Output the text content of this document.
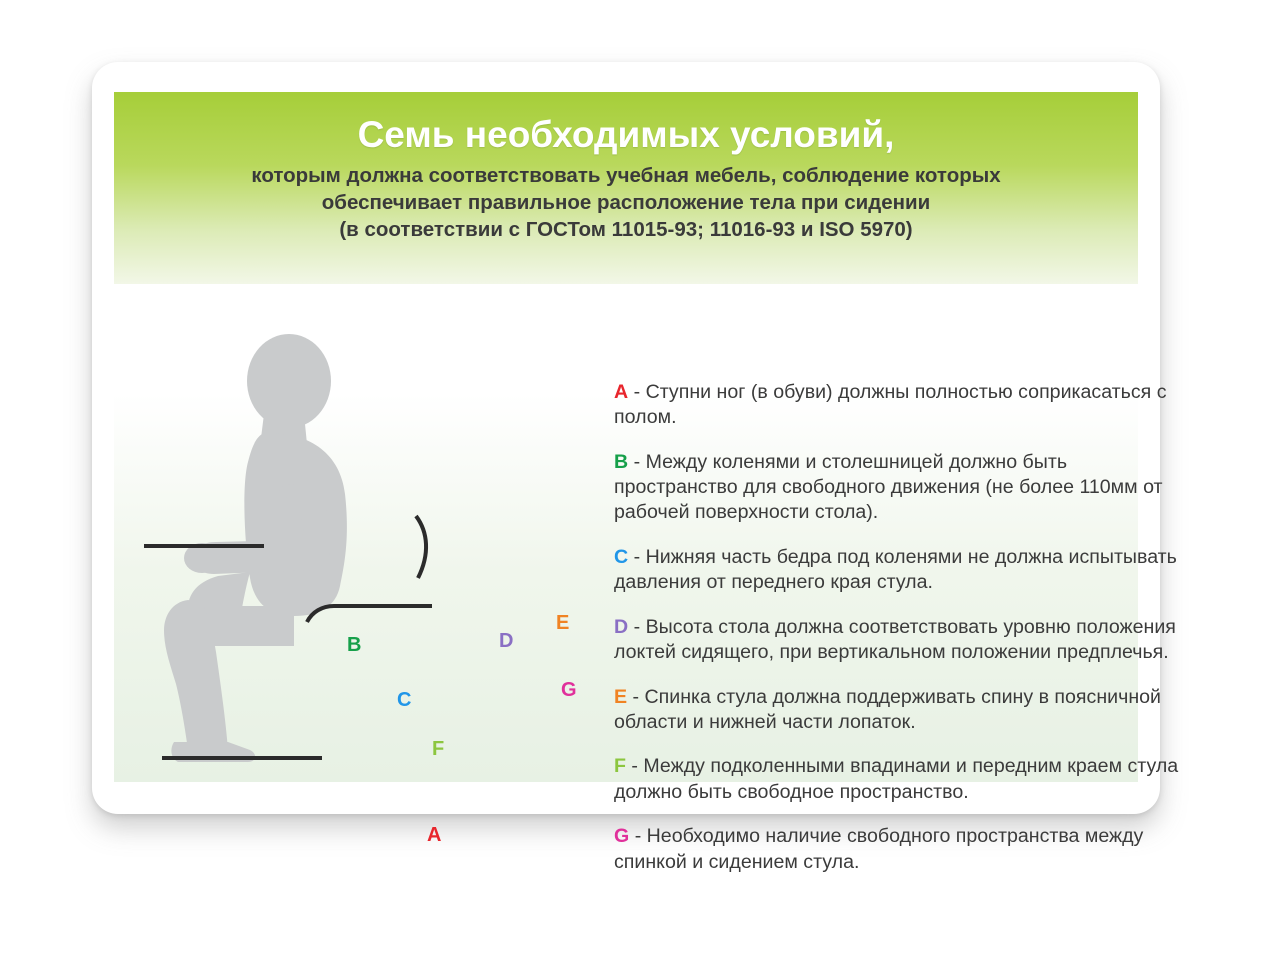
Семь необходимых условий,

которым должна соответствовать учебная мебель, соблюдение которых

обеспечивает правильное расположение тела при сидении

(в соответствии с ГОСТом 11015-93; 11016-93 и ISO 5970)

A
B
C
D
E
F
G

A - Ступни ног (в обуви) должны полностью соприкасаться с полом.

B - Между коленями и столешницей должно быть пространство для свободного движения (не более 110мм от рабочей поверхности стола).

C - Нижняя часть бедра под коленями не должна испытывать давления от переднего края стула.

D - Высота стола должна соответствовать уровню положения локтей сидящего, при вертикальном положении предплечья.

E - Спинка стула должна поддерживать спину в поясничной области и нижней части лопаток.

F - Между подколенными впадинами и передним краем стула должно быть свободное пространство.

G - Необходимо наличие свободного пространства между спинкой и сидением стула.
